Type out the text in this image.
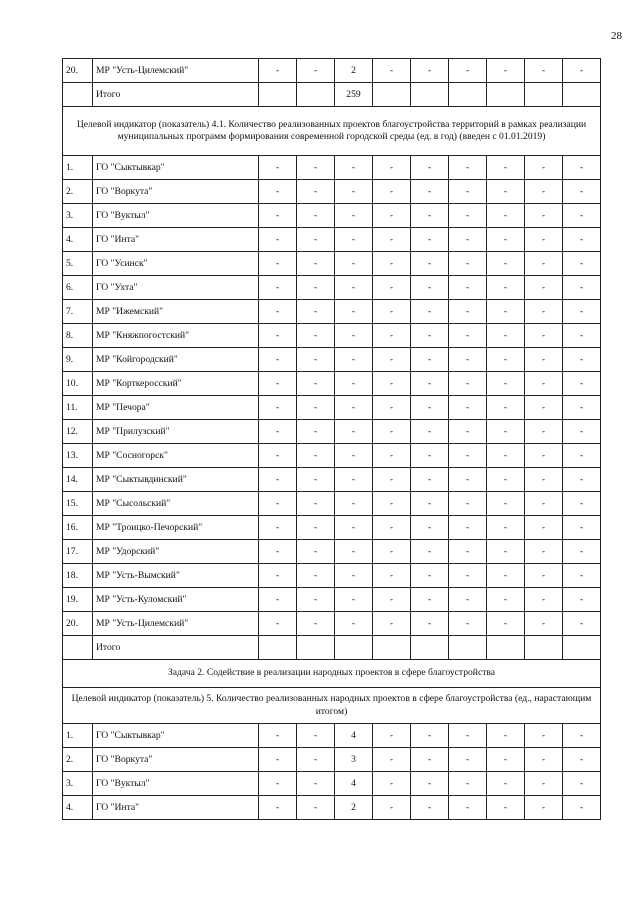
28
20.	МР "Усть-Цилемский"	-	-	2	-	-	-	-	-	-
	Итого			259						
Целевой индикатор (показатель) 4.1. Количество реализованных проектов благоустройства территорий в рамках реализации муниципальных программ формирования современной городской среды (ед. в год) (введен с 01.01.2019)										
1.	ГО "Сыктывкар"	-	-	-	-	-	-	-	-	-
2.	ГО "Воркута"	-	-	-	-	-	-	-	-	-
3.	ГО "Вуктыл"	-	-	-	-	-	-	-	-	-
4.	ГО "Инта"	-	-	-	-	-	-	-	-	-
5.	ГО "Усинск"	-	-	-	-	-	-	-	-	-
6.	ГО "Ухта"	-	-	-	-	-	-	-	-	-
7.	МР "Ижемский"	-	-	-	-	-	-	-	-	-
8.	МР "Княжпогостский"	-	-	-	-	-	-	-	-	-
9.	МР "Койгородский"	-	-	-	-	-	-	-	-	-
10.	МР "Корткеросский"	-	-	-	-	-	-	-	-	-
11.	МР "Печора"	-	-	-	-	-	-	-	-	-
12.	МР "Прилузский"	-	-	-	-	-	-	-	-	-
13.	МР "Сосногорск"	-	-	-	-	-	-	-	-	-
14.	МР "Сыктывдинский"	-	-	-	-	-	-	-	-	-
15.	МР "Сысольский"	-	-	-	-	-	-	-	-	-
16.	МР "Троицко-Печорский"	-	-	-	-	-	-	-	-	-
17.	МР "Удорский"	-	-	-	-	-	-	-	-	-
18.	МР "Усть-Вымский"	-	-	-	-	-	-	-	-	-
19.	МР "Усть-Куломский"	-	-	-	-	-	-	-	-	-
20.	МР "Усть-Цилемский"	-	-	-	-	-	-	-	-	-
	Итого									
Задача 2. Содействие в реализации народных проектов в сфере благоустройства										
Целевой индикатор (показатель) 5. Количество реализованных народных проектов в сфере благоустройства (ед., нарастающим итогом)										
1.	ГО "Сыктывкар"	-	-	4	-	-	-	-	-	-
2.	ГО "Воркута"	-	-	3	-	-	-	-	-	-
3.	ГО "Вуктыл"	-	-	4	-	-	-	-	-	-
4.	ГО "Инта"	-	-	2	-	-	-	-	-	-
